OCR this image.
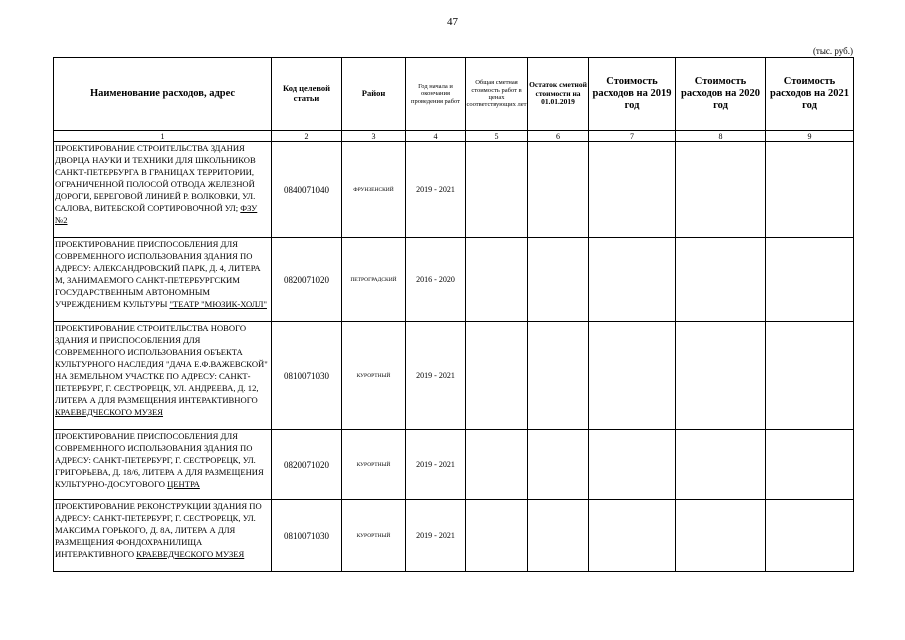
47
(тыс. руб.)
Наименование расходов, адрес	Код целевой статьи	Район	Год начала и окончания проведения работ	Общая сметная стоимость работ в ценах соответствующих лет	Остаток сметной стоимости на 01.01.2019	Стоимость расходов на 2019 год	Стоимость расходов на 2020 год	Стоимость расходов на 2021 год
1	2	3	4	5	6	7	8	9
ПРОЕКТИРОВАНИЕ СТРОИТЕЛЬСТВА ЗДАНИЯ ДВОРЦА НАУКИ И ТЕХНИКИ ДЛЯ ШКОЛЬНИКОВ САНКТ-ПЕТЕРБУРГА В ГРАНИЦАХ ТЕРРИТОРИИ, ОГРАНИЧЕННОЙ ПОЛОСОЙ ОТВОДА ЖЕЛЕЗНОЙ ДОРОГИ, БЕРЕГОВОЙ ЛИНИЕЙ Р. ВОЛКОВКИ, УЛ. САЛОВА, ВИТЕБСКОЙ СОРТИРОВОЧНОЙ УЛ; ФЗУ №2	0840071040	ФРУНЗЕНСКИЙ	2019 - 2021					
ПРОЕКТИРОВАНИЕ ПРИСПОСОБЛЕНИЯ ДЛЯ СОВРЕМЕННОГО ИСПОЛЬЗОВАНИЯ ЗДАНИЯ ПО АДРЕСУ: АЛЕКСАНДРОВСКИЙ ПАРК, Д. 4, ЛИТЕРА М, ЗАНИМАЕМОГО САНКТ-ПЕТЕРБУРГСКИМ ГОСУДАРСТВЕННЫМ АВТОНОМНЫМ УЧРЕЖДЕНИЕМ КУЛЬТУРЫ "ТЕАТР "МЮЗИК-ХОЛЛ"	0820071020	ПЕТРОГРАДСКИЙ	2016 - 2020					
ПРОЕКТИРОВАНИЕ СТРОИТЕЛЬСТВА НОВОГО ЗДАНИЯ И ПРИСПОСОБЛЕНИЯ ДЛЯ СОВРЕМЕННОГО ИСПОЛЬЗОВАНИЯ ОБЪЕКТА КУЛЬТУРНОГО НАСЛЕДИЯ "ДАЧА Е.Ф.ВАЖЕВСКОЙ" НА ЗЕМЕЛЬНОМ УЧАСТКЕ ПО АДРЕСУ: САНКТ-ПЕТЕРБУРГ, Г. СЕСТРОРЕЦК, УЛ. АНДРЕЕВА, Д. 12, ЛИТЕРА А ДЛЯ РАЗМЕЩЕНИЯ ИНТЕРАКТИВНОГО КРАЕВЕДЧЕСКОГО МУЗЕЯ	0810071030	КУРОРТНЫЙ	2019 - 2021					
ПРОЕКТИРОВАНИЕ ПРИСПОСОБЛЕНИЯ ДЛЯ СОВРЕМЕННОГО ИСПОЛЬЗОВАНИЯ ЗДАНИЯ ПО АДРЕСУ: САНКТ-ПЕТЕРБУРГ, Г. СЕСТРОРЕЦК, УЛ. ГРИГОРЬЕВА, Д. 18/6, ЛИТЕРА А ДЛЯ РАЗМЕЩЕНИЯ КУЛЬТУРНО-ДОСУГОВОГО ЦЕНТРА	0820071020	КУРОРТНЫЙ	2019 - 2021					
ПРОЕКТИРОВАНИЕ РЕКОНСТРУКЦИИ ЗДАНИЯ ПО АДРЕСУ: САНКТ-ПЕТЕРБУРГ, Г. СЕСТРОРЕЦК, УЛ. МАКСИМА ГОРЬКОГО, Д. 8А, ЛИТЕРА А ДЛЯ РАЗМЕЩЕНИЯ ФОНДОХРАНИЛИЩА ИНТЕРАКТИВНОГО КРАЕВЕДЧЕСКОГО МУЗЕЯ	0810071030	КУРОРТНЫЙ	2019 - 2021					
